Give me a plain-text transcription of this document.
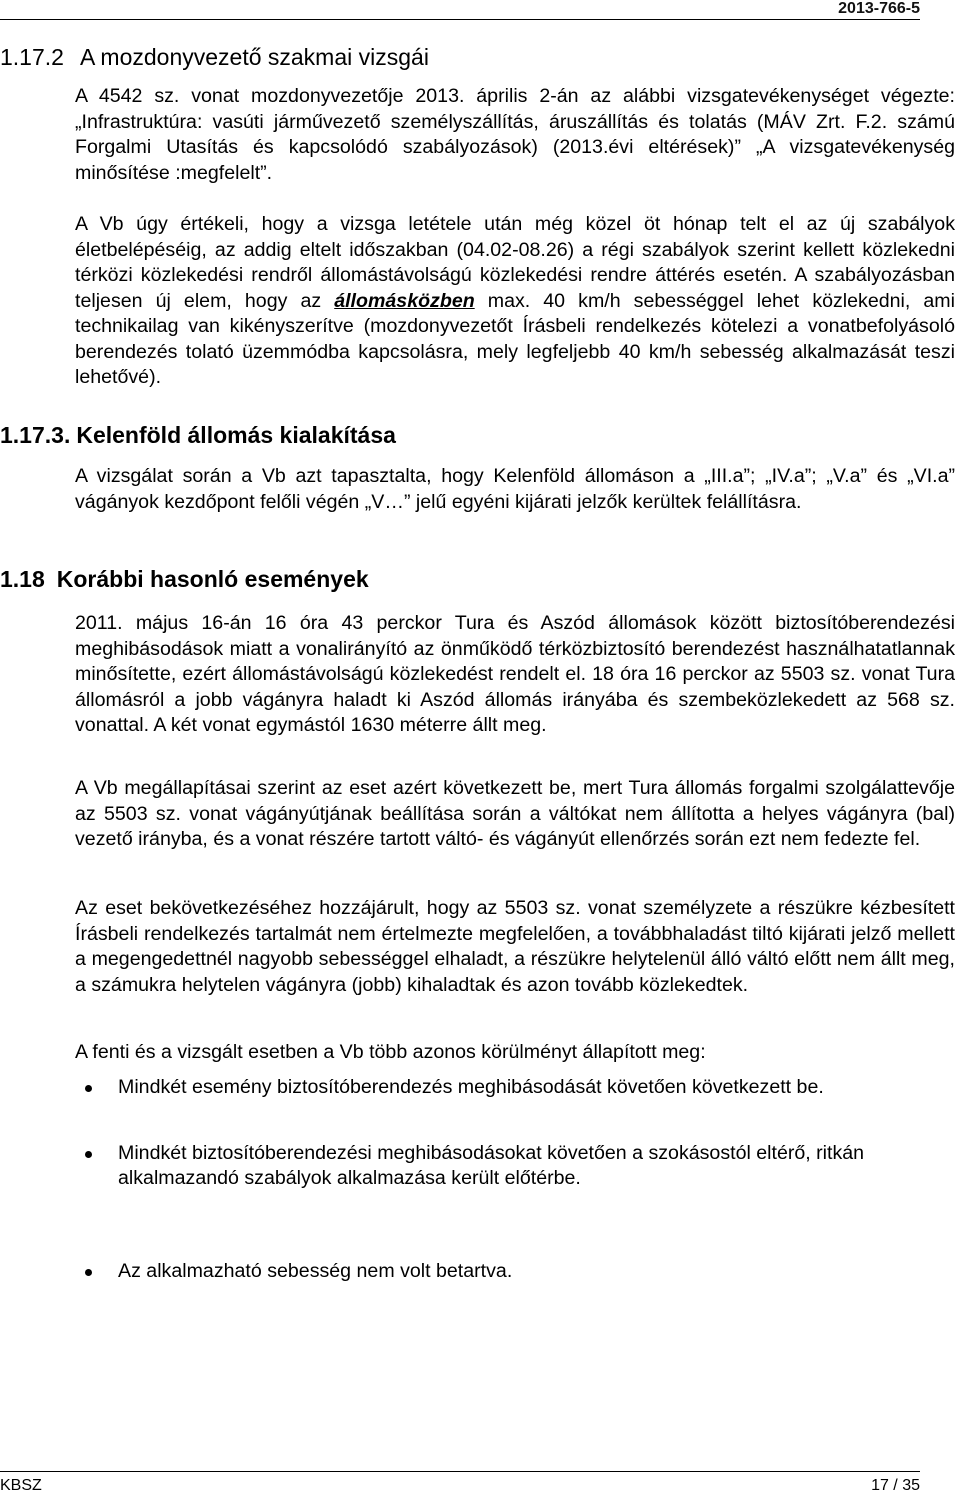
2013-766-5
1.17.2 A mozdonyvezető szakmai vizsgái
A 4542 sz. vonat mozdonyvezetője 2013. április 2-án az alábbi vizsgatevékenységet végezte: „Infrastruktúra: vasúti járművezető személyszállítás, áruszállítás és tolatás (MÁV Zrt. F.2. számú Forgalmi Utasítás és kapcsolódó szabályozások) (2013.évi eltérések)” „A vizsgatevékenység minősítése :megfelelt”.
A Vb úgy értékeli, hogy a vizsga letétele után még közel öt hónap telt el az új szabályok életbelépéséig, az addig eltelt időszakban (04.02-08.26) a régi szabályok szerint kellett közlekedni térközi közlekedési rendről állomástávolságú közlekedési rendre áttérés esetén. A szabályozásban teljesen új elem, hogy az állomásközben max. 40 km/h sebességgel lehet közlekedni, ami technikailag van kikényszerítve (mozdonyvezetőt Írásbeli rendelkezés kötelezi a vonatbefolyásoló berendezés tolató üzemmódba kapcsolásra, mely legfeljebb 40 km/h sebesség alkalmazását teszi lehetővé).
1.17.3. Kelenföld állomás kialakítása
A vizsgálat során a Vb azt tapasztalta, hogy Kelenföld állomáson a „III.a”; „IV.a”; „V.a” és „VI.a” vágányok kezdőpont felőli végén „V…” jelű egyéni kijárati jelzők kerültek felállításra.
1.18 Korábbi hasonló események
2011. május 16-án 16 óra 43 perckor Tura és Aszód állomások között biztosítóberendezési meghibásodások miatt a vonalirányító az önműködő térközbiztosító berendezést használhatatlannak minősítette, ezért állomástávolságú közlekedést rendelt el. 18 óra 16 perckor az 5503 sz. vonat Tura állomásról a jobb vágányra haladt ki Aszód állomás irányába és szembeközlekedett az 568 sz. vonattal. A két vonat egymástól 1630 méterre állt meg.
A Vb megállapításai szerint az eset azért következett be, mert Tura állomás forgalmi szolgálattevője az 5503 sz. vonat vágányútjának beállítása során a váltókat nem állította a helyes vágányra (bal) vezető irányba, és a vonat részére tartott váltó- és vágányút ellenőrzés során ezt nem fedezte fel.
Az eset bekövetkezéséhez hozzájárult, hogy az 5503 sz. vonat személyzete a részükre kézbesített Írásbeli rendelkezés tartalmát nem értelmezte megfelelően, a továbbhaladást tiltó kijárati jelző mellett a megengedettnél nagyobb sebességgel elhaladt, a részükre helytelenül álló váltó előtt nem állt meg, a számukra helytelen vágányra (jobb) kihaladtak és azon tovább közlekedtek.
A fenti és a vizsgált esetben a Vb több azonos körülményt állapított meg:
Mindkét esemény biztosítóberendezés meghibásodását követően következett be.
Mindkét biztosítóberendezési meghibásodásokat követően a szokásostól eltérő, ritkán alkalmazandó szabályok alkalmazása került előtérbe.
Az alkalmazható sebesség nem volt betartva.
KBSZ	17 / 35
